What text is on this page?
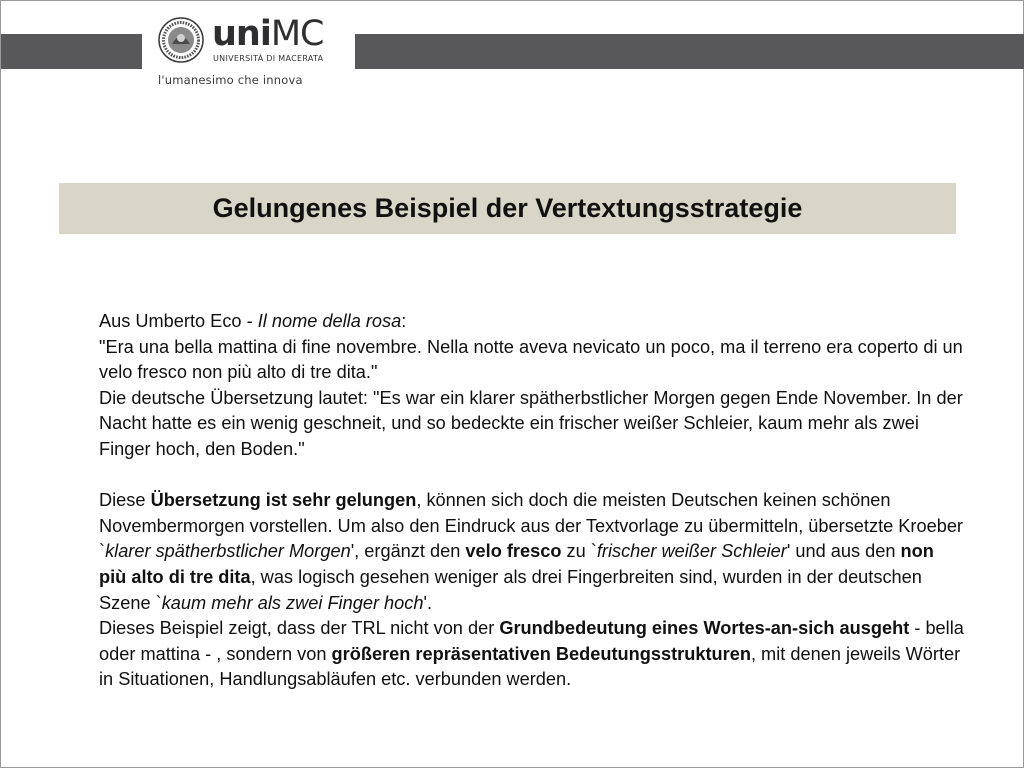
uniMC
UNIVERSITÀ DI MACERATA
l'umanesimo che innova
Gelungenes Beispiel der Vertextungsstrategie

Aus Umberto Eco - Il nome della rosa:

"Era una bella mattina di fine novembre. Nella notte aveva nevicato un poco, ma il terreno era coperto di un velo fresco non più alto di tre dita."

Die deutsche Übersetzung lautet: "Es war ein klarer spätherbstlicher Morgen gegen Ende November. In der Nacht hatte es ein wenig geschneit, und so bedeckte ein frischer weißer Schleier, kaum mehr als zwei Finger hoch, den Boden."

Diese Übersetzung ist sehr gelungen, können sich doch die meisten Deutschen keinen schönen Novembermorgen vorstellen. Um also den Eindruck aus der Textvorlage zu übermitteln, übersetzte Kroeber `klarer spätherbstlicher Morgen', ergänzt den velo fresco zu `frischer weißer Schleier' und aus den non più alto di tre dita, was logisch gesehen weniger als drei Fingerbreiten sind, wurden in der deutschen Szene `kaum mehr als zwei Finger hoch'.

Dieses Beispiel zeigt, dass der TRL nicht von der Grundbedeutung eines Wortes-an-sich ausgeht - bella oder mattina - , sondern von größeren repräsentativen Bedeutungsstrukturen, mit denen jeweils Wörter in Situationen, Handlungsabläufen etc. verbunden werden.
